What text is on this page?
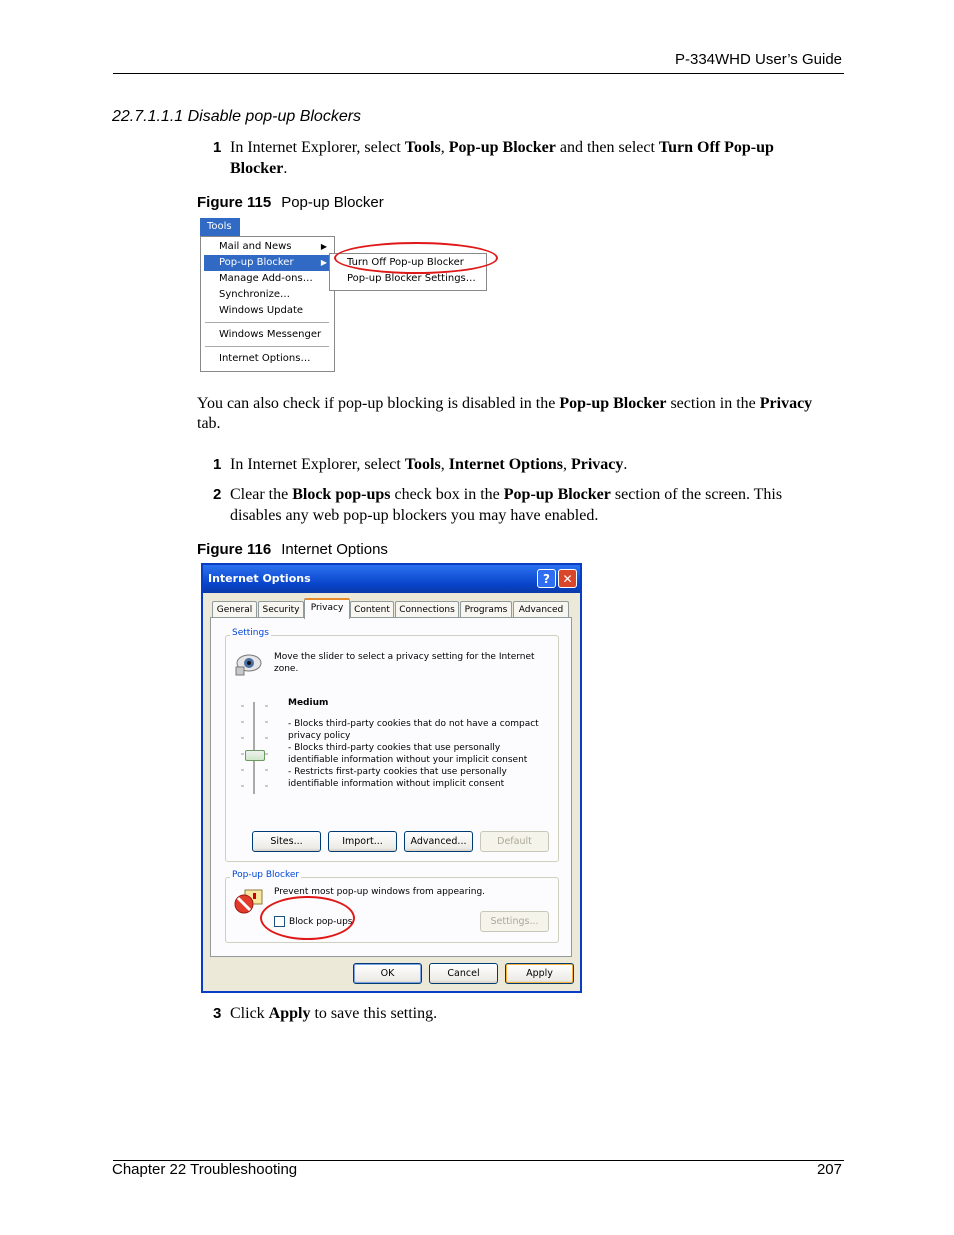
P-334WHD User’s Guide
22.7.1.1.1 Disable pop-up Blockers
1 In Internet Explorer, select Tools, Pop-up Blocker and then select Turn Off Pop-up Blocker.
Figure 115 Pop-up Blocker
Tools
Mail and News	▶
Pop-up Blocker	▶
Manage Add-ons…
Synchronize…
Windows Update
Windows Messenger
Internet Options…
Turn Off Pop-up Blocker
Pop-up Blocker Settings…
You can also check if pop-up blocking is disabled in the Pop-up Blocker section in the Privacy tab.
1 In Internet Explorer, select Tools, Internet Options, Privacy.
2 Clear the Block pop-ups check box in the Pop-up Blocker section of the screen. This disables any web pop-up blockers you may have enabled.
Figure 116 Internet Options
Internet Options	?	✕
General	Security	Privacy	Content	Connections	Programs	Advanced
Settings
Move the slider to select a privacy setting for the Internet zone.
Medium
- Blocks third-party cookies that do not have a compact privacy policy
- Blocks third-party cookies that use personally identifiable information without your implicit consent
- Restricts first-party cookies that use personally identifiable information without implicit consent
Sites...	Import...	Advanced...	Default
Pop-up Blocker
Prevent most pop-up windows from appearing.
Block pop-ups	Settings...
OK	Cancel	Apply
3 Click Apply to save this setting.
Chapter 22 Troubleshooting	207
